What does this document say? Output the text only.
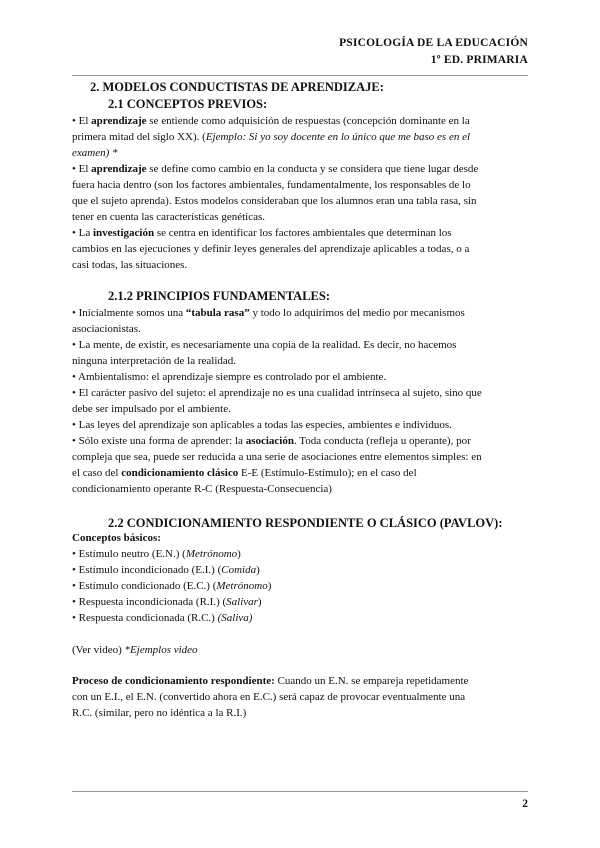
PSICOLOGÍA DE LA EDUCACIÓN
1º ED. PRIMARIA
2. MODELOS CONDUCTISTAS DE APRENDIZAJE:
2.1 CONCEPTOS PREVIOS:
• El aprendizaje se entiende como adquisición de respuestas (concepción dominante en la
primera mitad del siglo XX). (Ejemplo: Si yo soy docente en lo único que me baso es en el
examen) *
• El aprendizaje se define como cambio en la conducta y se considera que tiene lugar desde
fuera hacia dentro (son los factores ambientales, fundamentalmente, los responsables de lo
que el sujeto aprenda). Estos modelos consideraban que los alumnos eran una tabla rasa, sin
tener en cuenta las características genéticas.
• La investigación se centra en identificar los factores ambientales que determinan los
cambios en las ejecuciones y definir leyes generales del aprendizaje aplicables a todas, o a
casi todas, las situaciones.
2.1.2 PRINCIPIOS FUNDAMENTALES:
• Inicialmente somos una “tabula rasa” y todo lo adquirimos del medio por mecanismos
asociacionistas.
• La mente, de existir, es necesariamente una copia de la realidad. Es decir, no hacemos
ninguna interpretación de la realidad.
• Ambientalismo: el aprendizaje siempre es controlado por el ambiente.
• El carácter pasivo del sujeto: el aprendizaje no es una cualidad intrínseca al sujeto, sino que
debe ser impulsado por el ambiente.
• Las leyes del aprendizaje son aplicables a todas las especies, ambientes e individuos.
• Sólo existe una forma de aprender: la asociación. Toda conducta (refleja u operante), por
compleja que sea, puede ser reducida a una serie de asociaciones entre elementos simples: en
el caso del condicionamiento clásico E-E (Estímulo-Estímulo); en el caso del
condicionamiento operante R-C (Respuesta-Consecuencia)
2.2 CONDICIONAMIENTO RESPONDIENTE O CLÁSICO (PAVLOV):
Conceptos básicos:
• Estímulo neutro (E.N.) (Metrónomo)
• Estímulo incondicionado (E.I.) (Comida)
• Estímulo condicionado (E.C.) (Metrónomo)
• Respuesta incondicionada (R.I.) (Salivar)
• Respuesta condicionada (R.C.) (Saliva)
(Ver video) *Ejemplos video
Proceso de condicionamiento respondiente: Cuando un E.N. se empareja repetidamente
con un E.I., el E.N. (convertido ahora en E.C.) será capaz de provocar eventualmente una
R.C. (similar, pero no idéntica a la R.I.)
2
